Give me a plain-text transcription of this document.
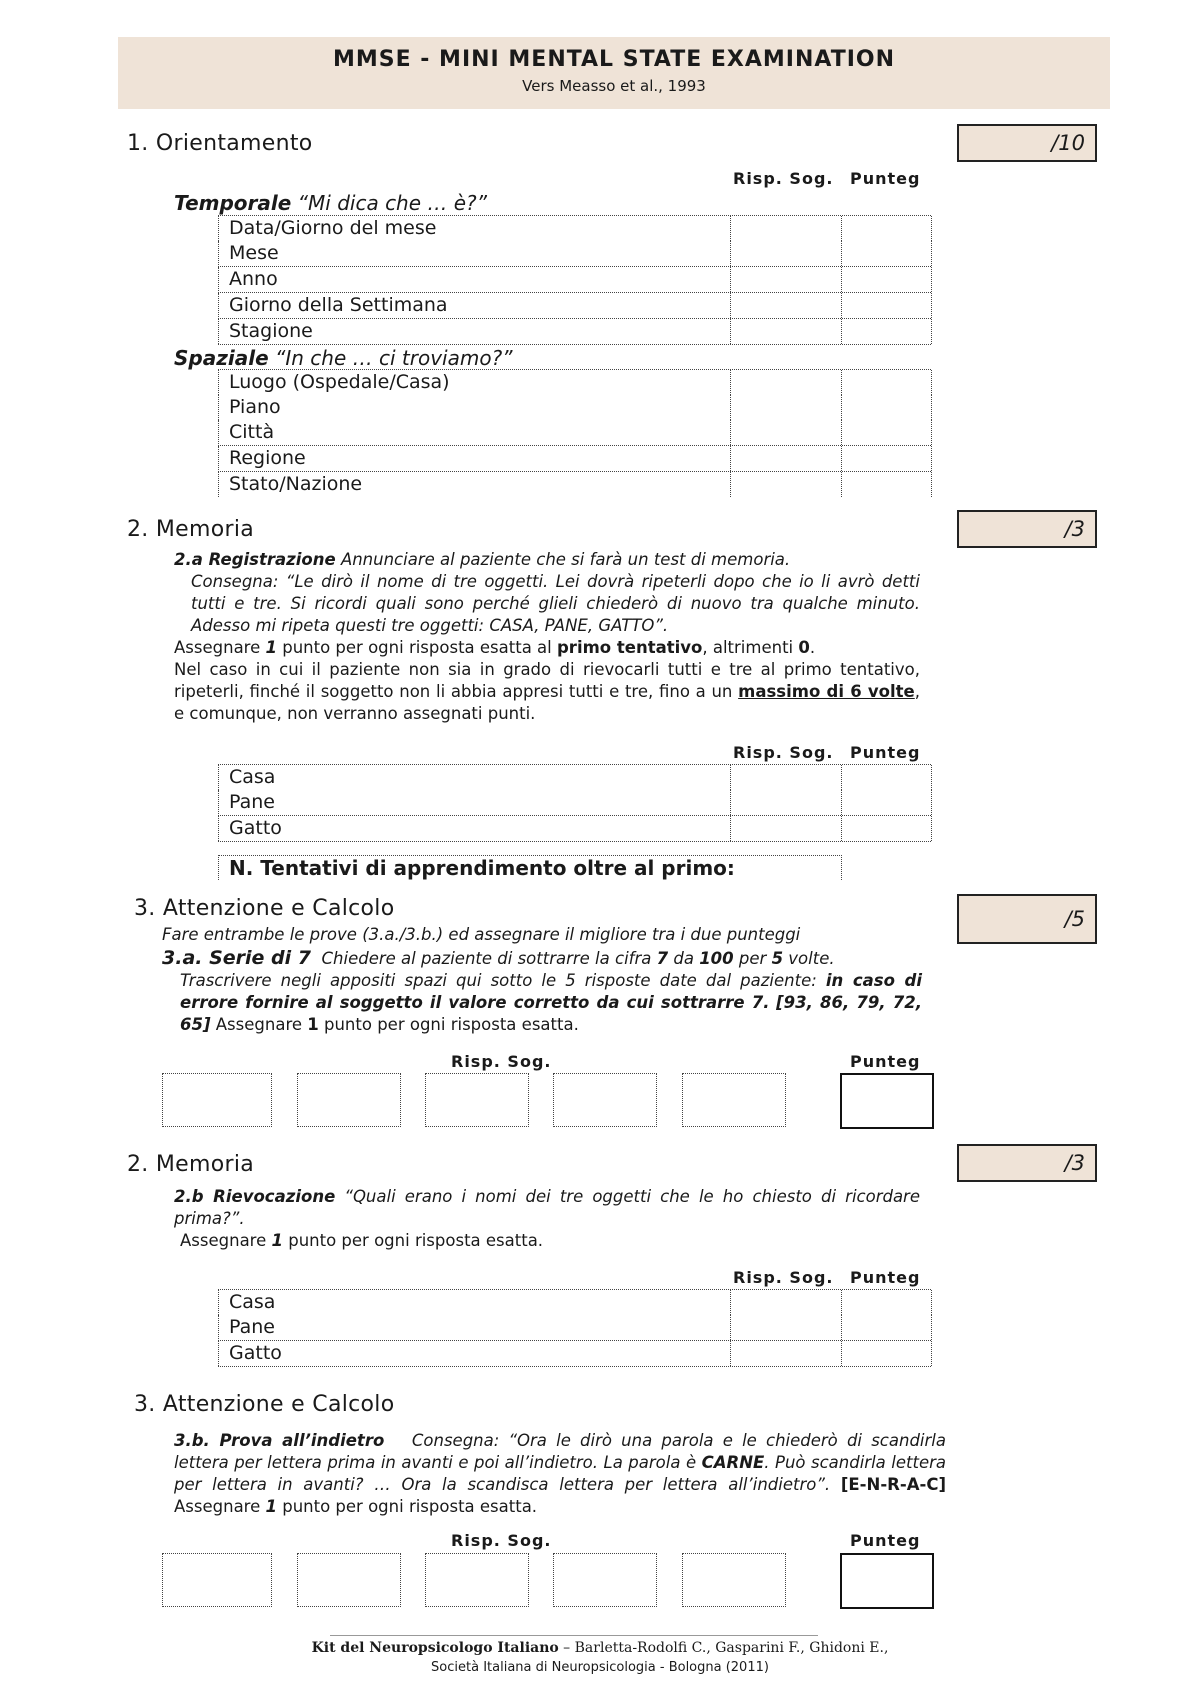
MMSE - MINI MENTAL STATE EXAMINATION
Vers Measso et al., 1993
1. Orientamento	/10
Risp. Sog. Punteg
Temporale “Mi dica che … è?”
Data/Giorno del mese
Mese
Anno
Giorno della Settimana
Stagione
Spaziale “In che … ci troviamo?”
Luogo (Ospedale/Casa)
Piano
Città
Regione
Stato/Nazione
2. Memoria	/3
2.a Registrazione Annunciare al paziente che si farà un test di memoria.
Consegna: “Le dirò il nome di tre oggetti. Lei dovrà ripeterli dopo che io li avrò detti tutti e tre. Si ricordi quali sono perché glieli chiederò di nuovo tra qualche minuto. Adesso mi ripeta questi tre oggetti: CASA, PANE, GATTO”.
Assegnare 1 punto per ogni risposta esatta al primo tentativo, altrimenti 0.
Nel caso in cui il paziente non sia in grado di rievocarli tutti e tre al primo tentativo, ripeterli, finché il soggetto non li abbia appresi tutti e tre, fino a un massimo di 6 volte, e comunque, non verranno assegnati punti.
Risp. Sog. Punteg
Casa
Pane
Gatto
N. Tentativi di apprendimento oltre al primo:
3. Attenzione e Calcolo	/5
Fare entrambe le prove (3.a./3.b.) ed assegnare il migliore tra i due punteggi
3.a. Serie di 7 Chiedere al paziente di sottrarre la cifra 7 da 100 per 5 volte.
Trascrivere negli appositi spazi qui sotto le 5 risposte date dal paziente: in caso di errore fornire al soggetto il valore corretto da cui sottrarre 7. [93, 86, 79, 72, 65] Assegnare 1 punto per ogni risposta esatta.
Risp. Sog.	Punteg
2. Memoria	/3
2.b Rievocazione “Quali erano i nomi dei tre oggetti che le ho chiesto di ricordare prima?”.
Assegnare 1 punto per ogni risposta esatta.
Risp. Sog. Punteg
Casa
Pane
Gatto
3. Attenzione e Calcolo
3.b. Prova all’indietro Consegna: “Ora le dirò una parola e le chiederò di scandirla lettera per lettera prima in avanti e poi all’indietro. La parola è CARNE. Può scandirla lettera per lettera in avanti? … Ora la scandisca lettera per lettera all’indietro”. [E-N-R-A-C] Assegnare 1 punto per ogni risposta esatta.
Risp. Sog.	Punteg
Kit del Neuropsicologo Italiano – Barletta-Rodolfi C., Gasparini F., Ghidoni E.,
Società Italiana di Neuropsicologia - Bologna (2011)
